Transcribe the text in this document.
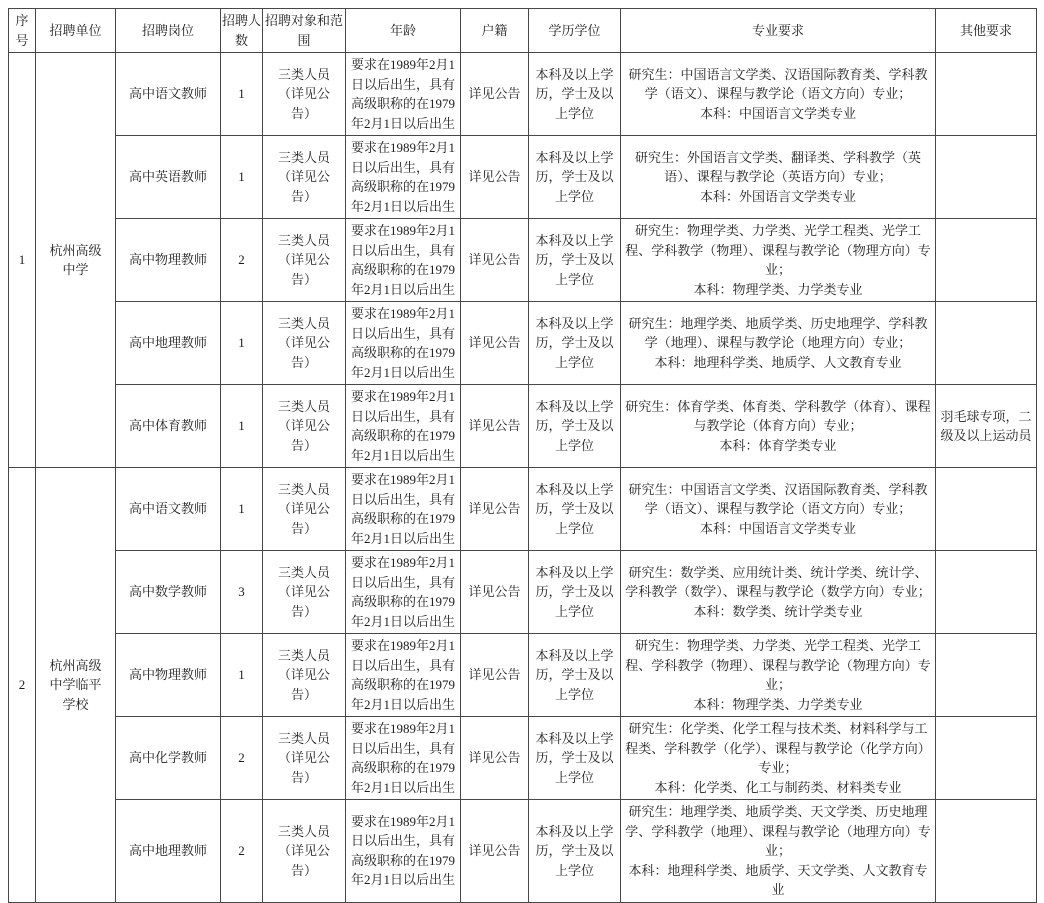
序号	招聘单位	招聘岗位	招聘人数	招聘对象和范围	年龄	户籍	学历学位	专业要求	其他要求
1	杭州高级中学	高中语文教师	1	三类人员（详见公告）	要求在1989年2月1日以后出生，具有高级职称的在1979年2月1日以后出生	详见公告	本科及以上学历，学士及以上学位	研究生：中国语言文学类、汉语国际教育类、学科教学（语文）、课程与教学论（语文方向）专业；
本科：中国语言文学类专业	

		高中英语教师	1	三类人员（详见公告）	要求在1989年2月1日以后出生，具有高级职称的在1979年2月1日以后出生	详见公告	本科及以上学历，学士及以上学位	研究生：外国语言文学类、翻译类、学科教学（英语）、课程与教学论（英语方向）专业；
本科：外国语言文学类专业	

		高中物理教师	2	三类人员（详见公告）	要求在1989年2月1日以后出生，具有高级职称的在1979年2月1日以后出生	详见公告	本科及以上学历，学士及以上学位	研究生：物理学类、力学类、光学工程类、光学工程、学科教学（物理）、课程与教学论（物理方向）专业；
本科：物理学类、力学类专业	

		高中地理教师	1	三类人员（详见公告）	要求在1989年2月1日以后出生，具有高级职称的在1979年2月1日以后出生	详见公告	本科及以上学历，学士及以上学位	研究生：地理学类、地质学类、历史地理学、学科教学（地理）、课程与教学论（地理方向）专业；
本科：地理科学类、地质学、人文教育专业	

		高中体育教师	1	三类人员（详见公告）	要求在1989年2月1日以后出生，具有高级职称的在1979年2月1日以后出生	详见公告	本科及以上学历，学士及以上学位	研究生：体育学类、体育类、学科教学（体育）、课程与教学论（体育方向）专业；
本科：体育学类专业	羽毛球专项，二级及以上运动员
2	杭州高级中学临平学校	高中语文教师	1	三类人员（详见公告）	要求在1989年2月1日以后出生，具有高级职称的在1979年2月1日以后出生	详见公告	本科及以上学历，学士及以上学位	研究生：中国语言文学类、汉语国际教育类、学科教学（语文）、课程与教学论（语文方向）专业；
本科：中国语言文学类专业	

		高中数学教师	3	三类人员（详见公告）	要求在1989年2月1日以后出生，具有高级职称的在1979年2月1日以后出生	详见公告	本科及以上学历，学士及以上学位	研究生：数学类、应用统计类、统计学类、统计学、学科教学（数学）、课程与教学论（数学方向）专业；
本科：数学类、统计学类专业	

		高中物理教师	1	三类人员（详见公告）	要求在1989年2月1日以后出生，具有高级职称的在1979年2月1日以后出生	详见公告	本科及以上学历，学士及以上学位	研究生：物理学类、力学类、光学工程类、光学工程、学科教学（物理）、课程与教学论（物理方向）专业；
本科：物理学类、力学类专业	

		高中化学教师	2	三类人员（详见公告）	要求在1989年2月1日以后出生，具有高级职称的在1979年2月1日以后出生	详见公告	本科及以上学历，学士及以上学位	研究生：化学类、化学工程与技术类、材料科学与工程类、学科教学（化学）、课程与教学论（化学方向）专业；
本科：化学类、化工与制药类、材料类专业	

		高中地理教师	2	三类人员（详见公告）	要求在1989年2月1日以后出生，具有高级职称的在1979年2月1日以后出生	详见公告	本科及以上学历，学士及以上学位	研究生：地理学类、地质学类、天文学类、历史地理学、学科教学（地理）、课程与教学论（地理方向）专业；
本科：地理科学类、地质学、天文学类、人文教育专业	
